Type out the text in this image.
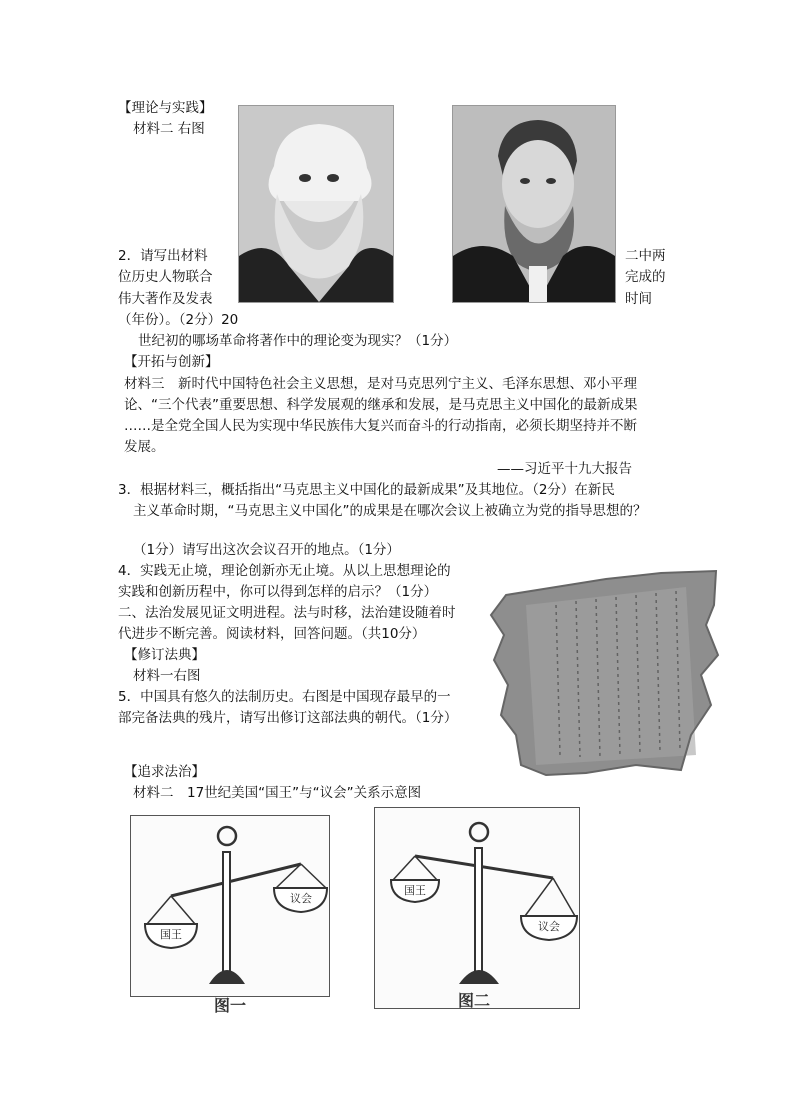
【理论与实践】
材料二 右图
2．请写出材料
位历史人物联合
伟大著作及发表
二中两
完成的
时间
（年份）。（2分）20
世纪初的哪场革命将著作中的理论变为现实？（1分）
【开拓与创新】
材料三　新时代中国特色社会主义思想，是对马克思列宁主义、毛泽东思想、邓小平理
论、“三个代表”重要思想、科学发展观的继承和发展，是马克思主义中国化的最新成果
……是全党全国人民为实现中华民族伟大复兴而奋斗的行动指南，必须长期坚持并不断
发展。
——习近平十九大报告
3．根据材料三，概括指出“马克思主义中国化的最新成果”及其地位。（2分）在新民
主义革命时期，“马克思主义中国化”的成果是在哪次会议上被确立为党的指导思想的？
（1分）请写出这次会议召开的地点。（1分）
4．实践无止境，理论创新亦无止境。从以上思想理论的
实践和创新历程中，你可以得到怎样的启示？（1分）
二、法治发展见证文明进程。法与时移，法治建设随着时
代进步不断完善。阅读材料，回答问题。（共10分）
【修订法典】
材料一右图
5．中国具有悠久的法制历史。右图是中国现存最早的一
部完备法典的残片，请写出修订这部法典的朝代。（1分）
【追求法治】
材料二　17世纪美国“国王”与“议会”关系示意图
国王
议会
图一
国王
议会
图二
